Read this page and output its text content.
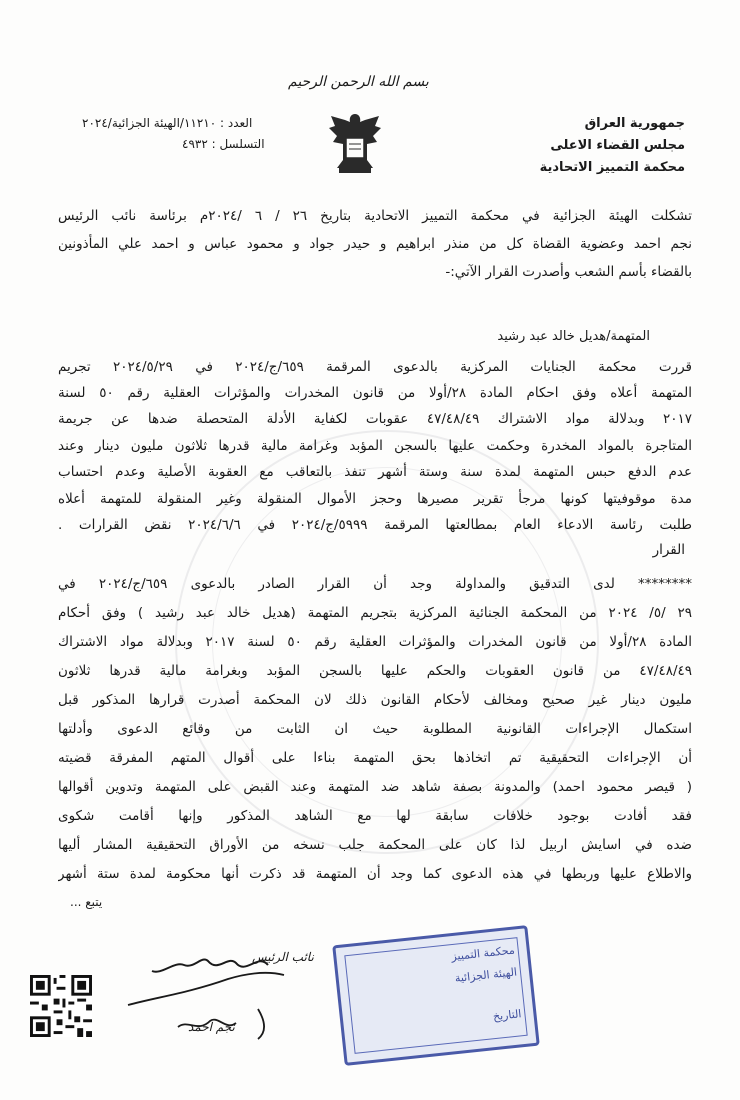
بسم الله الرحمن الرحيم
جمهورية العراق
مجلس القضاء الاعلى
محكمة التمييز الاتحادية
العدد : ١١٢١٠/الهيئة الجزائية/٢٠٢٤
التسلسل : ٤٩٣٢
تشكلت الهيئة الجزائية في محكمة التمييز الاتحادية بتاريخ ٢٦ / ٦ /٢٠٢٤م برئاسة نائب الرئيس
نجم احمد وعضوية القضاة كل من منذر ابراهيم و حيدر جواد و محمود عباس و احمد علي المأذونين
بالقضاء بأسم الشعب وأصدرت القرار الآتي:-
المتهمة/هديل خالد عبد رشيد
قررت محكمة الجنايات المركزية بالدعوى المرقمة ٦٥٩/ج/٢٠٢٤ في ٢٠٢٤/٥/٢٩ تجريم
المتهمة أعلاه وفق احكام المادة ٢٨/أولا من قانون المخدرات والمؤثرات العقلية رقم ٥٠ لسنة
٢٠١٧ وبدلالة مواد الاشتراك ٤٧/٤٨/٤٩ عقوبات لكفاية الأدلة المتحصلة ضدها عن جريمة
المتاجرة بالمواد المخدرة وحكمت عليها بالسجن المؤبد وغرامة مالية قدرها ثلاثون مليون دينار وعند
عدم الدفع حبس المتهمة لمدة سنة وستة أشهر تنفذ بالتعاقب مع العقوبة الأصلية وعدم احتساب
مدة موقوفيتها كونها مرجأ تقرير مصيرها وحجز الأموال المنقولة وغير المنقولة للمتهمة أعلاه
طلبت رئاسة الادعاء العام بمطالعتها المرقمة ٥٩٩٩/ج/٢٠٢٤ في ٢٠٢٤/٦/٦ نقض القرارات .
القرار
******** لدى التدقيق والمداولة وجد أن القرار الصادر بالدعوى ٦٥٩/ج/٢٠٢٤ في
٢٩ /٥/ ٢٠٢٤ من المحكمة الجنائية المركزية بتجريم المتهمة (هديل خالد عبد رشيد ) وفق أحكام
المادة ٢٨/أولا من قانون المخدرات والمؤثرات العقلية رقم ٥٠ لسنة ٢٠١٧ وبدلالة مواد الاشتراك
٤٧/٤٨/٤٩ من قانون العقوبات والحكم عليها بالسجن المؤبد وبغرامة مالية قدرها ثلاثون
مليون دينار غير صحيح ومخالف لأحكام القانون ذلك لان المحكمة أصدرت قرارها المذكور قبل
استكمال الإجراءات القانونية المطلوبة حيث ان الثابت من وقائع الدعوى وأدلتها
أن الإجراءات التحقيقية تم اتخاذها بحق المتهمة بناءا على أقوال المتهم المفرقة قضيته
( قيصر محمود احمد) والمدونة بصفة شاهد ضد المتهمة وعند القبض على المتهمة وتدوين أقوالها
فقد أفادت بوجود خلافات سابقة لها مع الشاهد المذكور وإنها أقامت شكوى
ضده في اسايش اربيل لذا كان على المحكمة جلب نسخه من الأوراق التحقيقية المشار أليها
والاطلاع عليها وربطها في هذه الدعوى كما وجد أن المتهمة قد ذكرت أنها محكومة لمدة ستة أشهر
يتبع ...
محكمة التمييز
الهيئة الجزائية
التاريخ
نائب الرئيس
نجم احمد
